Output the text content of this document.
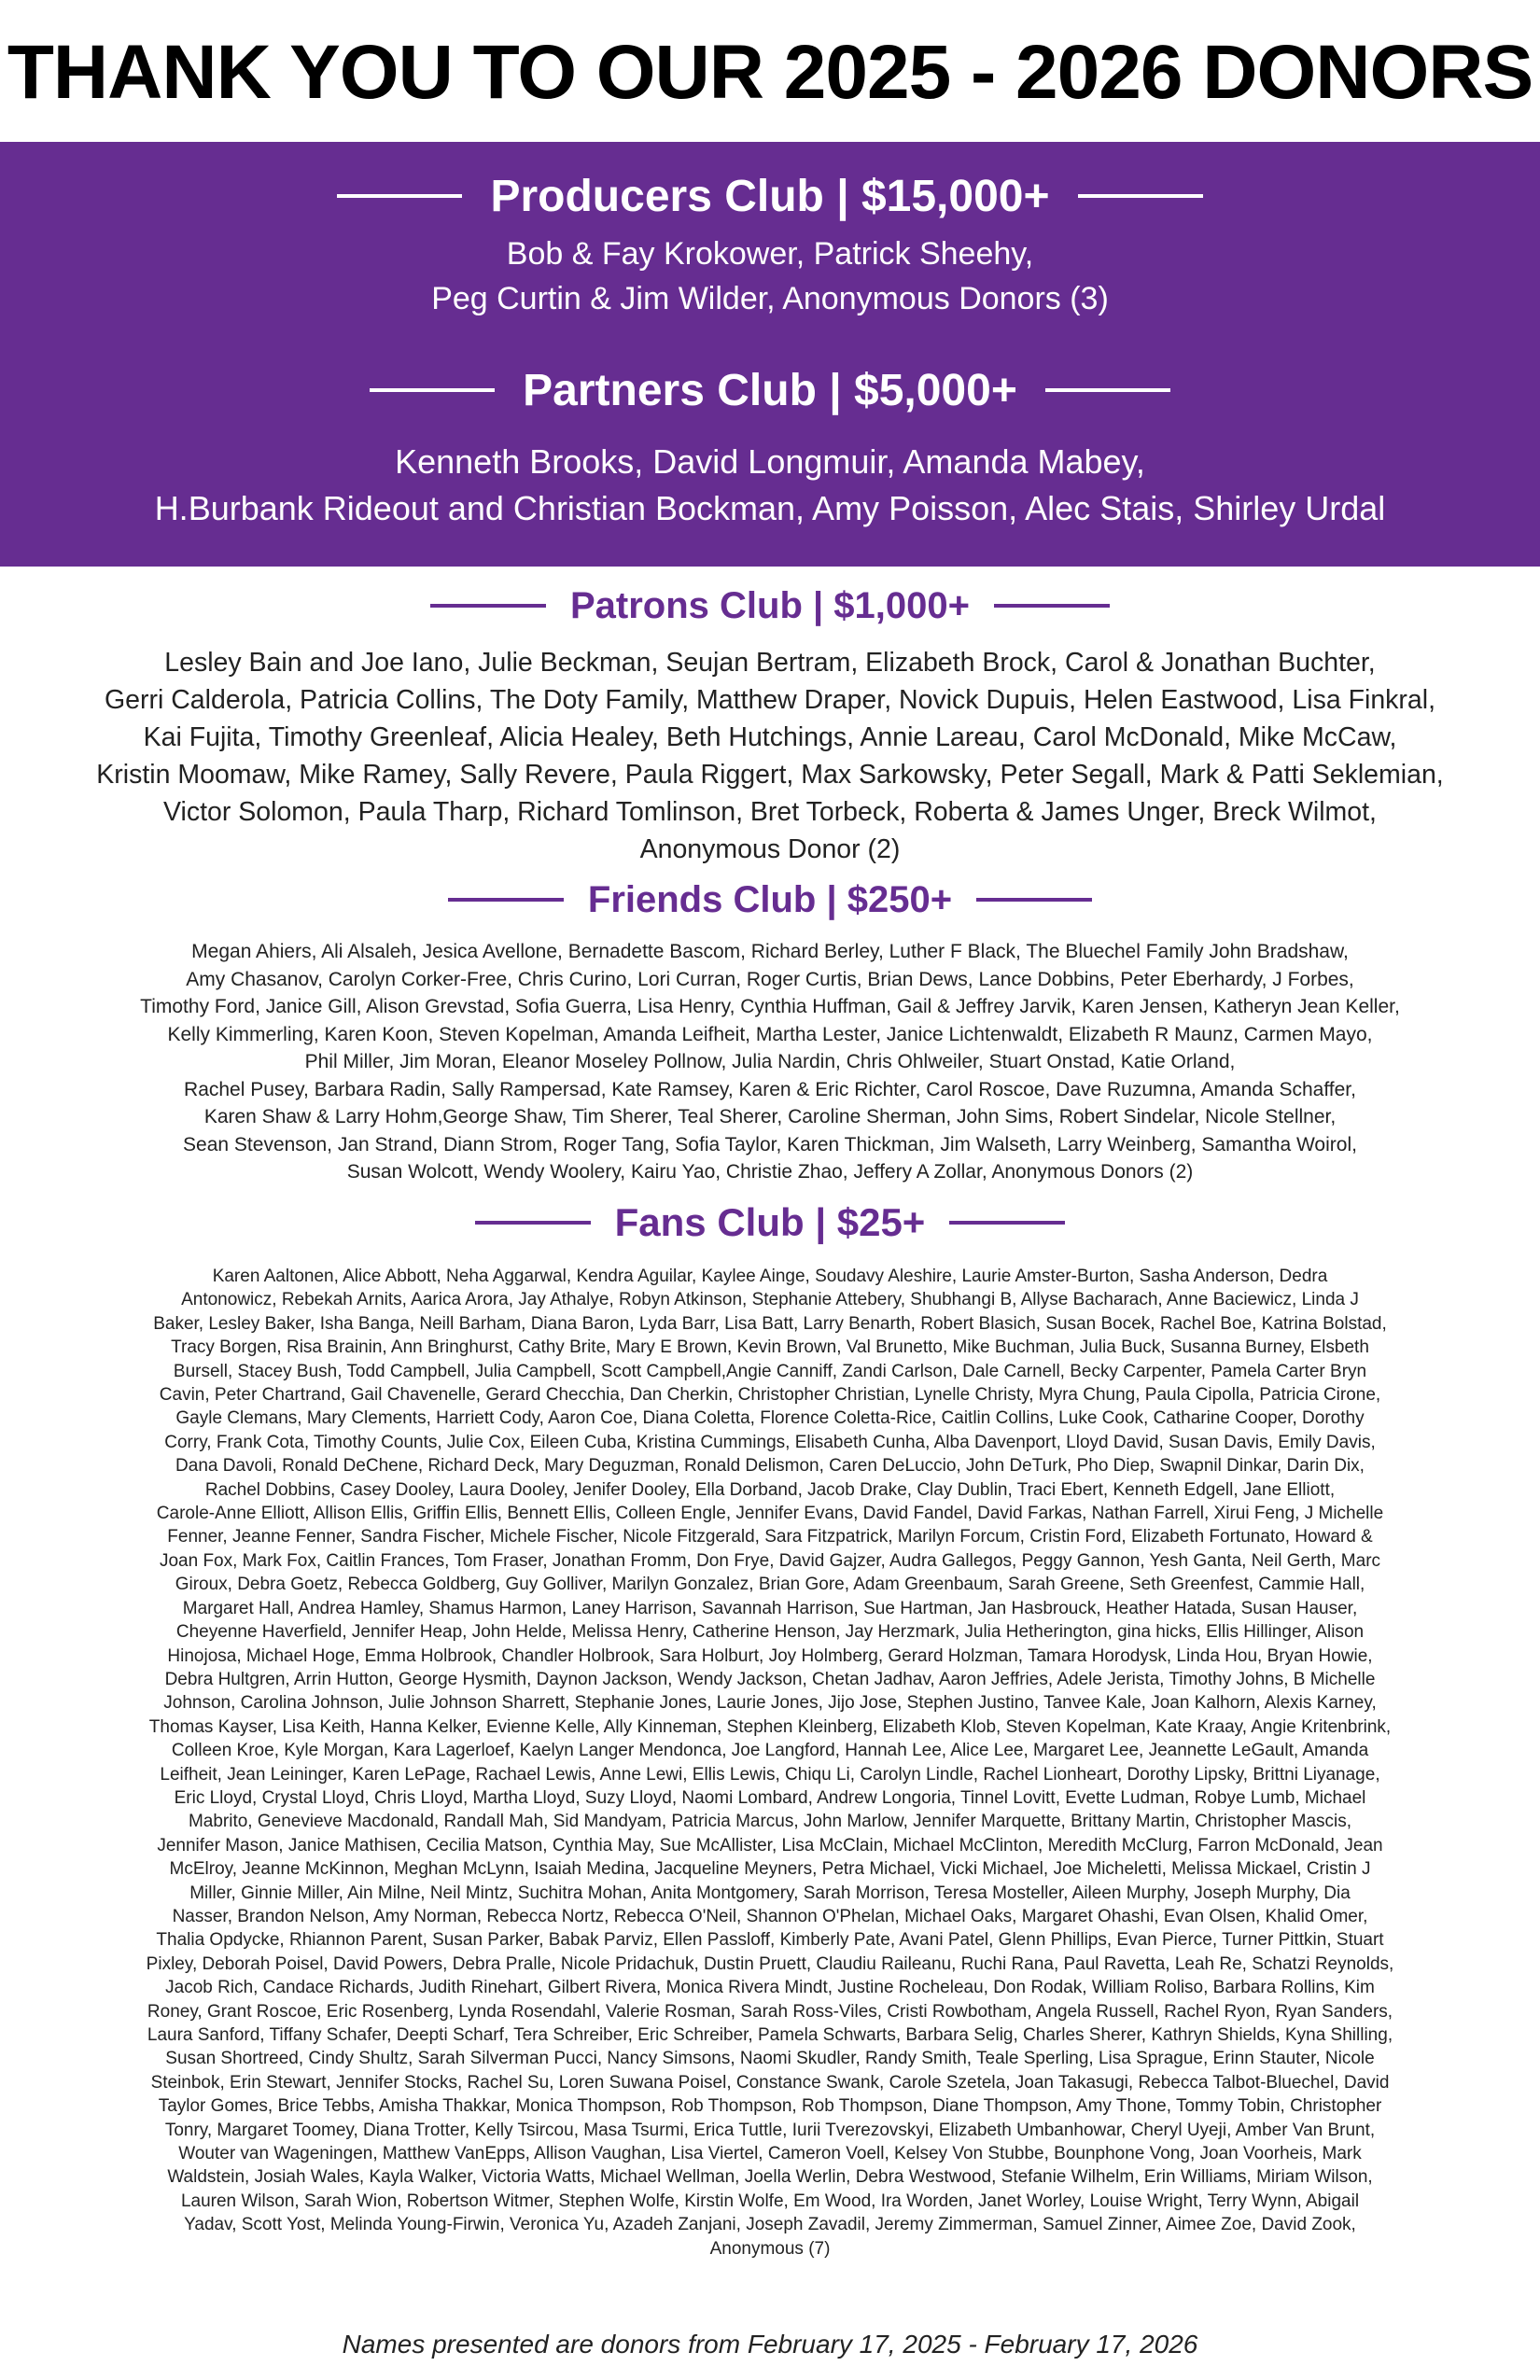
THANK YOU TO OUR 2025 - 2026 DONORS
Producers Club | $15,000+
Bob & Fay Krokower, Patrick Sheehy,
Peg Curtin & Jim Wilder, Anonymous Donors (3)
Partners Club | $5,000+
Kenneth Brooks, David Longmuir, Amanda Mabey,
H.Burbank Rideout and Christian Bockman, Amy Poisson, Alec Stais, Shirley Urdal
Patrons Club | $1,000+
Lesley Bain and Joe Iano, Julie Beckman, Seujan Bertram, Elizabeth Brock, Carol & Jonathan Buchter,
Gerri Calderola, Patricia Collins, The Doty Family, Matthew Draper, Novick Dupuis, Helen Eastwood, Lisa Finkral,
Kai Fujita, Timothy Greenleaf, Alicia Healey, Beth Hutchings, Annie Lareau, Carol McDonald, Mike McCaw,
Kristin Moomaw, Mike Ramey, Sally Revere, Paula Riggert, Max Sarkowsky, Peter Segall, Mark & Patti Seklemian,
Victor Solomon, Paula Tharp, Richard Tomlinson, Bret Torbeck, Roberta & James Unger, Breck Wilmot,
Anonymous Donor (2)
Friends Club | $250+
Megan Ahiers, Ali Alsaleh, Jesica Avellone, Bernadette Bascom, Richard Berley, Luther F Black, The Bluechel Family John Bradshaw,
Amy Chasanov, Carolyn Corker-Free, Chris Curino, Lori Curran, Roger Curtis, Brian Dews, Lance Dobbins, Peter Eberhardy, J Forbes,
Timothy Ford, Janice Gill, Alison Grevstad, Sofia Guerra, Lisa Henry, Cynthia Huffman, Gail & Jeffrey Jarvik, Karen Jensen, Katheryn Jean Keller,
Kelly Kimmerling, Karen Koon, Steven Kopelman, Amanda Leifheit, Martha Lester, Janice Lichtenwaldt, Elizabeth R Maunz, Carmen Mayo,
Phil Miller, Jim Moran, Eleanor Moseley Pollnow, Julia Nardin, Chris Ohlweiler, Stuart Onstad, Katie Orland,
Rachel Pusey, Barbara Radin, Sally Rampersad, Kate Ramsey, Karen & Eric Richter, Carol Roscoe, Dave Ruzumna, Amanda Schaffer,
Karen Shaw & Larry Hohm,George Shaw, Tim Sherer, Teal Sherer, Caroline Sherman, John Sims, Robert Sindelar, Nicole Stellner,
Sean Stevenson, Jan Strand, Diann Strom, Roger Tang, Sofia Taylor, Karen Thickman, Jim Walseth, Larry Weinberg, Samantha Woirol,
Susan Wolcott, Wendy Woolery, Kairu Yao, Christie Zhao, Jeffery A Zollar, Anonymous Donors (2)
Fans Club | $25+
Karen Aaltonen, Alice Abbott, Neha Aggarwal, Kendra Aguilar, Kaylee Ainge, Soudavy Aleshire, Laurie Amster-Burton, Sasha Anderson, Dedra
Antonowicz, Rebekah Arnits, Aarica Arora, Jay Athalye, Robyn Atkinson, Stephanie Attebery, Shubhangi B, Allyse Bacharach, Anne Baciewicz, Linda J
Baker, Lesley Baker, Isha Banga, Neill Barham, Diana Baron, Lyda Barr, Lisa Batt, Larry Benarth, Robert Blasich, Susan Bocek, Rachel Boe, Katrina Bolstad,
Tracy Borgen, Risa Brainin, Ann Bringhurst, Cathy Brite, Mary E Brown, Kevin Brown, Val Brunetto, Mike Buchman, Julia Buck, Susanna Burney, Elsbeth
Bursell, Stacey Bush, Todd Campbell, Julia Campbell, Scott Campbell,Angie Canniff, Zandi Carlson, Dale Carnell, Becky Carpenter, Pamela Carter Bryn
Cavin, Peter Chartrand, Gail Chavenelle, Gerard Checchia, Dan Cherkin, Christopher Christian, Lynelle Christy, Myra Chung, Paula Cipolla, Patricia Cirone,
Gayle Clemans, Mary Clements, Harriett Cody, Aaron Coe, Diana Coletta, Florence Coletta-Rice, Caitlin Collins, Luke Cook, Catharine Cooper, Dorothy
Corry, Frank Cota, Timothy Counts, Julie Cox, Eileen Cuba, Kristina Cummings, Elisabeth Cunha, Alba Davenport, Lloyd David, Susan Davis, Emily Davis,
Dana Davoli, Ronald DeChene, Richard Deck, Mary Deguzman, Ronald Delismon, Caren DeLuccio, John DeTurk, Pho Diep, Swapnil Dinkar, Darin Dix,
Rachel Dobbins, Casey Dooley, Laura Dooley, Jenifer Dooley, Ella Dorband, Jacob Drake, Clay Dublin, Traci Ebert, Kenneth Edgell, Jane Elliott,
Carole-Anne Elliott, Allison Ellis, Griffin Ellis, Bennett Ellis, Colleen Engle, Jennifer Evans, David Fandel, David Farkas, Nathan Farrell, Xirui Feng, J Michelle
Fenner, Jeanne Fenner, Sandra Fischer, Michele Fischer, Nicole Fitzgerald, Sara Fitzpatrick, Marilyn Forcum, Cristin Ford, Elizabeth Fortunato, Howard &
Joan Fox, Mark Fox, Caitlin Frances, Tom Fraser, Jonathan Fromm, Don Frye, David Gajzer, Audra Gallegos, Peggy Gannon, Yesh Ganta, Neil Gerth, Marc
Giroux, Debra Goetz, Rebecca Goldberg, Guy Golliver, Marilyn Gonzalez, Brian Gore, Adam Greenbaum, Sarah Greene, Seth Greenfest, Cammie Hall,
Margaret Hall, Andrea Hamley, Shamus Harmon, Laney Harrison, Savannah Harrison, Sue Hartman, Jan Hasbrouck, Heather Hatada, Susan Hauser,
Cheyenne Haverfield, Jennifer Heap, John Helde, Melissa Henry, Catherine Henson, Jay Herzmark, Julia Hetherington, gina hicks, Ellis Hillinger, Alison
Hinojosa, Michael Hoge, Emma Holbrook, Chandler Holbrook, Sara Holburt, Joy Holmberg, Gerard Holzman, Tamara Horodysk, Linda Hou, Bryan Howie,
Debra Hultgren, Arrin Hutton, George Hysmith, Daynon Jackson, Wendy Jackson, Chetan Jadhav, Aaron Jeffries, Adele Jerista, Timothy Johns, B Michelle
Johnson, Carolina Johnson, Julie Johnson Sharrett, Stephanie Jones, Laurie Jones, Jijo Jose, Stephen Justino, Tanvee Kale, Joan Kalhorn, Alexis Karney,
Thomas Kayser, Lisa Keith, Hanna Kelker, Evienne Kelle, Ally Kinneman, Stephen Kleinberg, Elizabeth Klob, Steven Kopelman, Kate Kraay, Angie Kritenbrink,
Colleen Kroe, Kyle Morgan, Kara Lagerloef, Kaelyn Langer Mendonca, Joe Langford, Hannah Lee, Alice Lee, Margaret Lee, Jeannette LeGault, Amanda
Leifheit, Jean Leininger, Karen LePage, Rachael Lewis, Anne Lewi, Ellis Lewis, Chiqu Li, Carolyn Lindle, Rachel Lionheart, Dorothy Lipsky, Brittni Liyanage,
Eric Lloyd, Crystal Lloyd, Chris Lloyd, Martha Lloyd, Suzy Lloyd, Naomi Lombard, Andrew Longoria, Tinnel Lovitt, Evette Ludman, Robye Lumb, Michael
Mabrito, Genevieve Macdonald, Randall Mah, Sid Mandyam, Patricia Marcus, John Marlow, Jennifer Marquette, Brittany Martin, Christopher Mascis,
Jennifer Mason, Janice Mathisen, Cecilia Matson, Cynthia May, Sue McAllister, Lisa McClain, Michael McClinton, Meredith McClurg, Farron McDonald, Jean
McElroy, Jeanne McKinnon, Meghan McLynn, Isaiah Medina, Jacqueline Meyners, Petra Michael, Vicki Michael, Joe Micheletti, Melissa Mickael, Cristin J
Miller, Ginnie Miller, Ain Milne, Neil Mintz, Suchitra Mohan, Anita Montgomery, Sarah Morrison, Teresa Mosteller, Aileen Murphy, Joseph Murphy, Dia
Nasser, Brandon Nelson, Amy Norman, Rebecca Nortz, Rebecca O'Neil, Shannon O'Phelan, Michael Oaks, Margaret Ohashi, Evan Olsen, Khalid Omer,
Thalia Opdycke, Rhiannon Parent, Susan Parker, Babak Parviz, Ellen Passloff, Kimberly Pate, Avani Patel, Glenn Phillips, Evan Pierce, Turner Pittkin, Stuart
Pixley, Deborah Poisel, David Powers, Debra Pralle, Nicole Pridachuk, Dustin Pruett, Claudiu Raileanu, Ruchi Rana, Paul Ravetta, Leah Re, Schatzi Reynolds,
Jacob Rich, Candace Richards, Judith Rinehart, Gilbert Rivera, Monica Rivera Mindt, Justine Rocheleau, Don Rodak, William Roliso, Barbara Rollins, Kim
Roney, Grant Roscoe, Eric Rosenberg, Lynda Rosendahl, Valerie Rosman, Sarah Ross-Viles, Cristi Rowbotham, Angela Russell, Rachel Ryon, Ryan Sanders,
Laura Sanford, Tiffany Schafer, Deepti Scharf, Tera Schreiber, Eric Schreiber, Pamela Schwarts, Barbara Selig, Charles Sherer, Kathryn Shields, Kyna Shilling,
Susan Shortreed, Cindy Shultz, Sarah Silverman Pucci, Nancy Simsons, Naomi Skudler, Randy Smith, Teale Sperling, Lisa Sprague, Erinn Stauter, Nicole
Steinbok, Erin Stewart, Jennifer Stocks, Rachel Su, Loren Suwana Poisel, Constance Swank, Carole Szetela, Joan Takasugi, Rebecca Talbot-Bluechel, David
Taylor Gomes, Brice Tebbs, Amisha Thakkar, Monica Thompson, Rob Thompson, Rob Thompson, Diane Thompson, Amy Thone, Tommy Tobin, Christopher
Tonry, Margaret Toomey, Diana Trotter, Kelly Tsircou, Masa Tsurmi, Erica Tuttle, Iurii Tverezovskyi, Elizabeth Umbanhowar, Cheryl Uyeji, Amber Van Brunt,
Wouter van Wageningen, Matthew VanEpps, Allison Vaughan, Lisa Viertel, Cameron Voell, Kelsey Von Stubbe, Bounphone Vong, Joan Voorheis, Mark
Waldstein, Josiah Wales, Kayla Walker, Victoria Watts, Michael Wellman, Joella Werlin, Debra Westwood, Stefanie Wilhelm, Erin Williams, Miriam Wilson,
Lauren Wilson, Sarah Wion, Robertson Witmer, Stephen Wolfe, Kirstin Wolfe, Em Wood, Ira Worden, Janet Worley, Louise Wright, Terry Wynn, Abigail
Yadav, Scott Yost, Melinda Young-Firwin, Veronica Yu, Azadeh Zanjani, Joseph Zavadil, Jeremy Zimmerman, Samuel Zinner, Aimee Zoe, David Zook,
Anonymous (7)

Names presented are donors from February 17, 2025 - February 17, 2026
